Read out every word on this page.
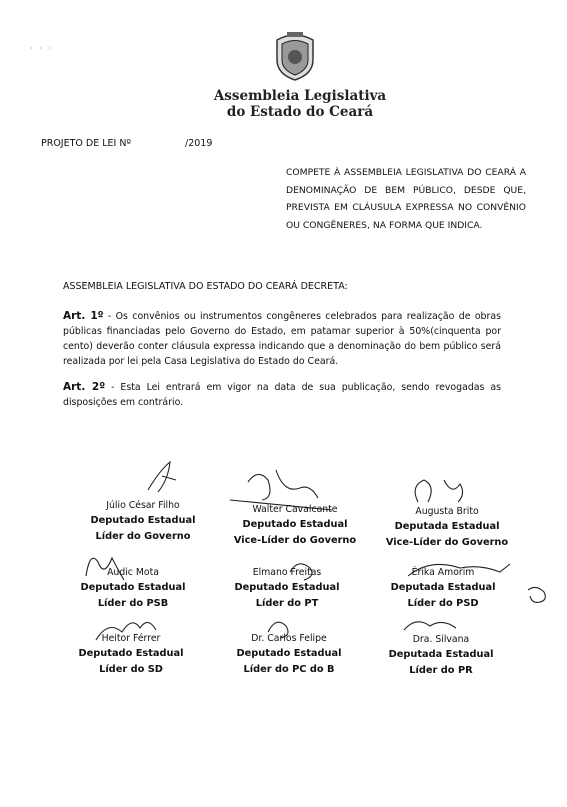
· · ·
Assembleia Legislativa
do Estado do Ceará
PROJETO DE LEI Nº	/2019
COMPETE À ASSEMBLEIA LEGISLATIVA DO CEARÁ A DENOMINAÇÃO DE BEM PÚBLICO, DESDE QUE, PREVISTA EM CLÁUSULA EXPRESSA NO CONVÊNIO OU CONGÊNERES, NA FORMA QUE INDICA.
ASSEMBLEIA LEGISLATIVA DO ESTADO DO CEARÁ DECRETA:
Art. 1º - Os convênios ou instrumentos congêneres celebrados para realização de obras públicas financiadas pelo Governo do Estado, em patamar superior à 50%(cinquenta por cento) deverão conter cláusula expressa indicando que a denominação do bem público será realizada por lei pela Casa Legislativa do Estado do Ceará.
Art. 2º - Esta Lei entrará em vigor na data de sua publicação, sendo revogadas as disposições em contrário.
Júlio César Filho
Deputado Estadual
Líder do Governo
Walter Cavalcante
Deputado Estadual
Vice-Líder do Governo
Augusta Brito
Deputada Estadual
Vice-Líder do Governo
Audic Mota
Deputado Estadual
Líder do PSB
Elmano Freitas
Deputado Estadual
Líder do PT
Érika Amorim
Deputada Estadual
Líder do PSD
Heitor Férrer
Deputado Estadual
Líder do SD
Dr. Carlos Felipe
Deputado Estadual
Líder do PC do B
Dra. Silvana
Deputada Estadual
Líder do PR
